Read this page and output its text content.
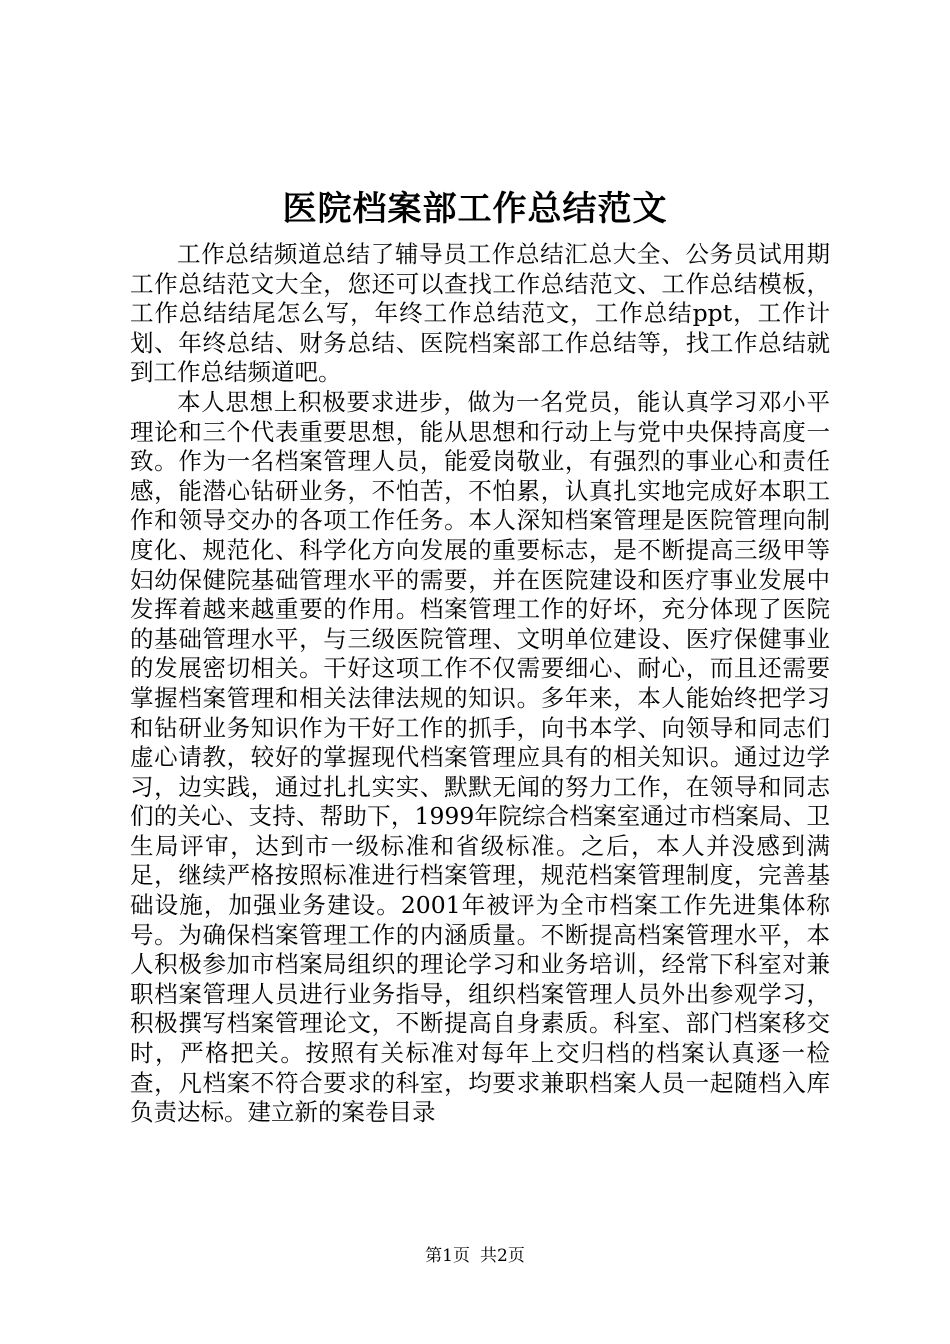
医院档案部工作总结范文

工作总结频道总结了辅导员工作总结汇总大全、公务员试用期工作总结范文大全，您还可以查找工作总结范文、工作总结模板，工作总结结尾怎么写，年终工作总结范文，工作总结ppt，工作计划、年终总结、财务总结、医院档案部工作总结等，找工作总结就到工作总结频道吧。

本人思想上积极要求进步，做为一名党员，能认真学习邓小平理论和三个代表重要思想，能从思想和行动上与党中央保持高度一致。作为一名档案管理人员，能爱岗敬业，有强烈的事业心和责任感，能潜心钻研业务，不怕苦，不怕累，认真扎实地完成好本职工作和领导交办的各项工作任务。本人深知档案管理是医院管理向制度化、规范化、科学化方向发展的重要标志，是不断提高三级甲等妇幼保健院基础管理水平的需要，并在医院建设和医疗事业发展中发挥着越来越重要的作用。档案管理工作的好坏，充分体现了医院的基础管理水平，与三级医院管理、文明单位建设、医疗保健事业的发展密切相关。干好这项工作不仅需要细心、耐心，而且还需要掌握档案管理和相关法律法规的知识。多年来，本人能始终把学习和钻研业务知识作为干好工作的抓手，向书本学、向领导和同志们虚心请教，较好的掌握现代档案管理应具有的相关知识。通过边学习，边实践，通过扎扎实实、默默无闻的努力工作，在领导和同志们的关心、支持、帮助下，1999年院综合档案室通过市档案局、卫生局评审，达到市一级标准和省级标准。之后，本人并没感到满足，继续严格按照标准进行档案管理，规范档案管理制度，完善基础设施，加强业务建设。2001年被评为全市档案工作先进集体称号。为确保档案管理工作的内涵质量。不断提高档案管理水平，本人积极参加市档案局组织的理论学习和业务培训，经常下科室对兼职档案管理人员进行业务指导，组织档案管理人员外出参观学习，积极撰写档案管理论文，不断提高自身素质。科室、部门档案移交时，严格把关。按照有关标准对每年上交归档的档案认真逐一检查，凡档案不符合要求的科室，均要求兼职档案人员一起随档入库负责达标。建立新的案卷目录

第1页 共2页
